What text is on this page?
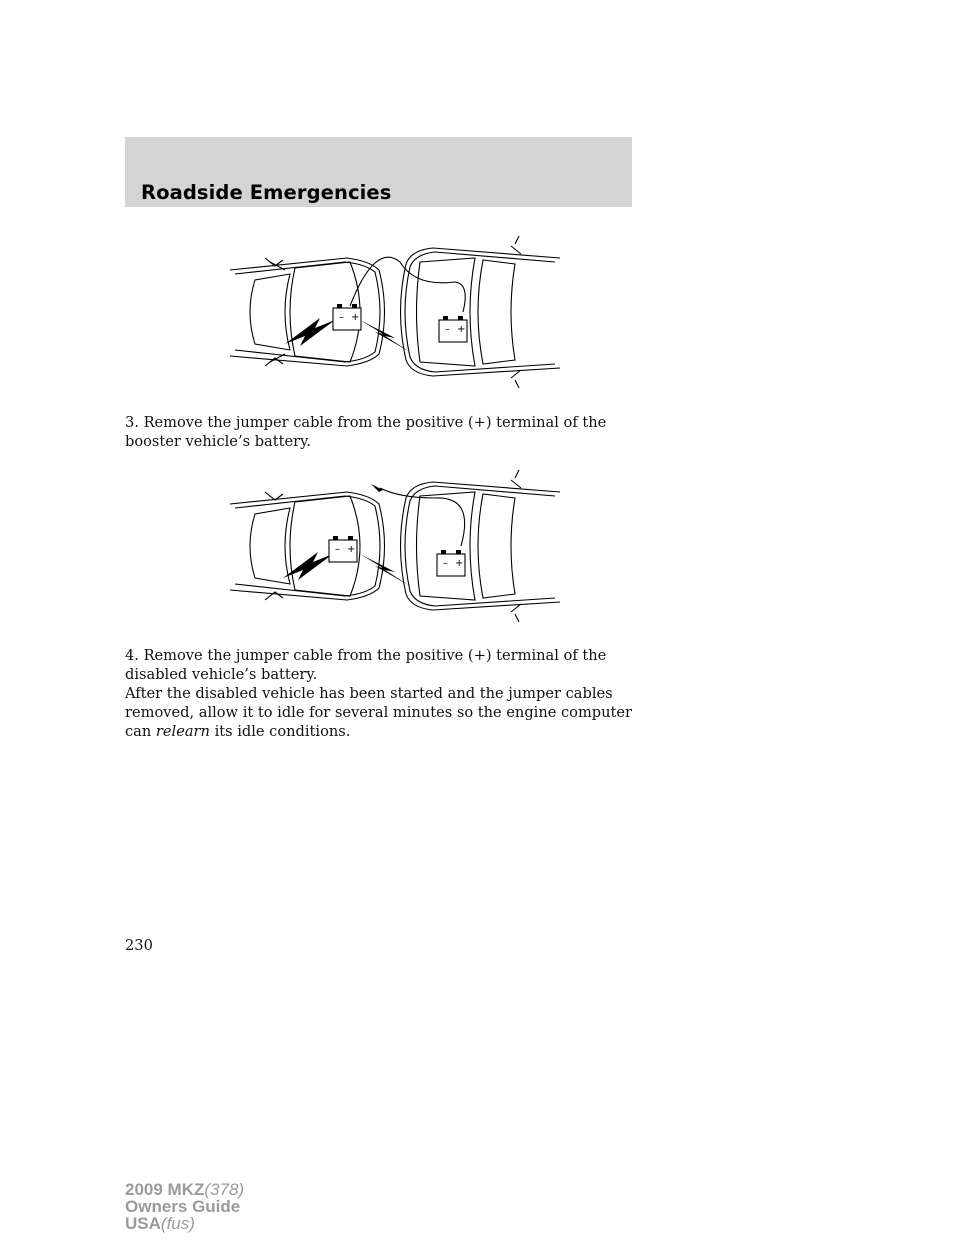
Roadside Emergencies
– +
– +

3. Remove the jumper cable from the positive (+) terminal of the booster vehicle’s battery.

– +
– +

4. Remove the jumper cable from the positive (+) terminal of the disabled vehicle’s battery.

After the disabled vehicle has been started and the jumper cables removed, allow it to idle for several minutes so the engine computer can relearn its idle conditions.

230

2009 MKZ(378)
Owners Guide
USA(fus)
